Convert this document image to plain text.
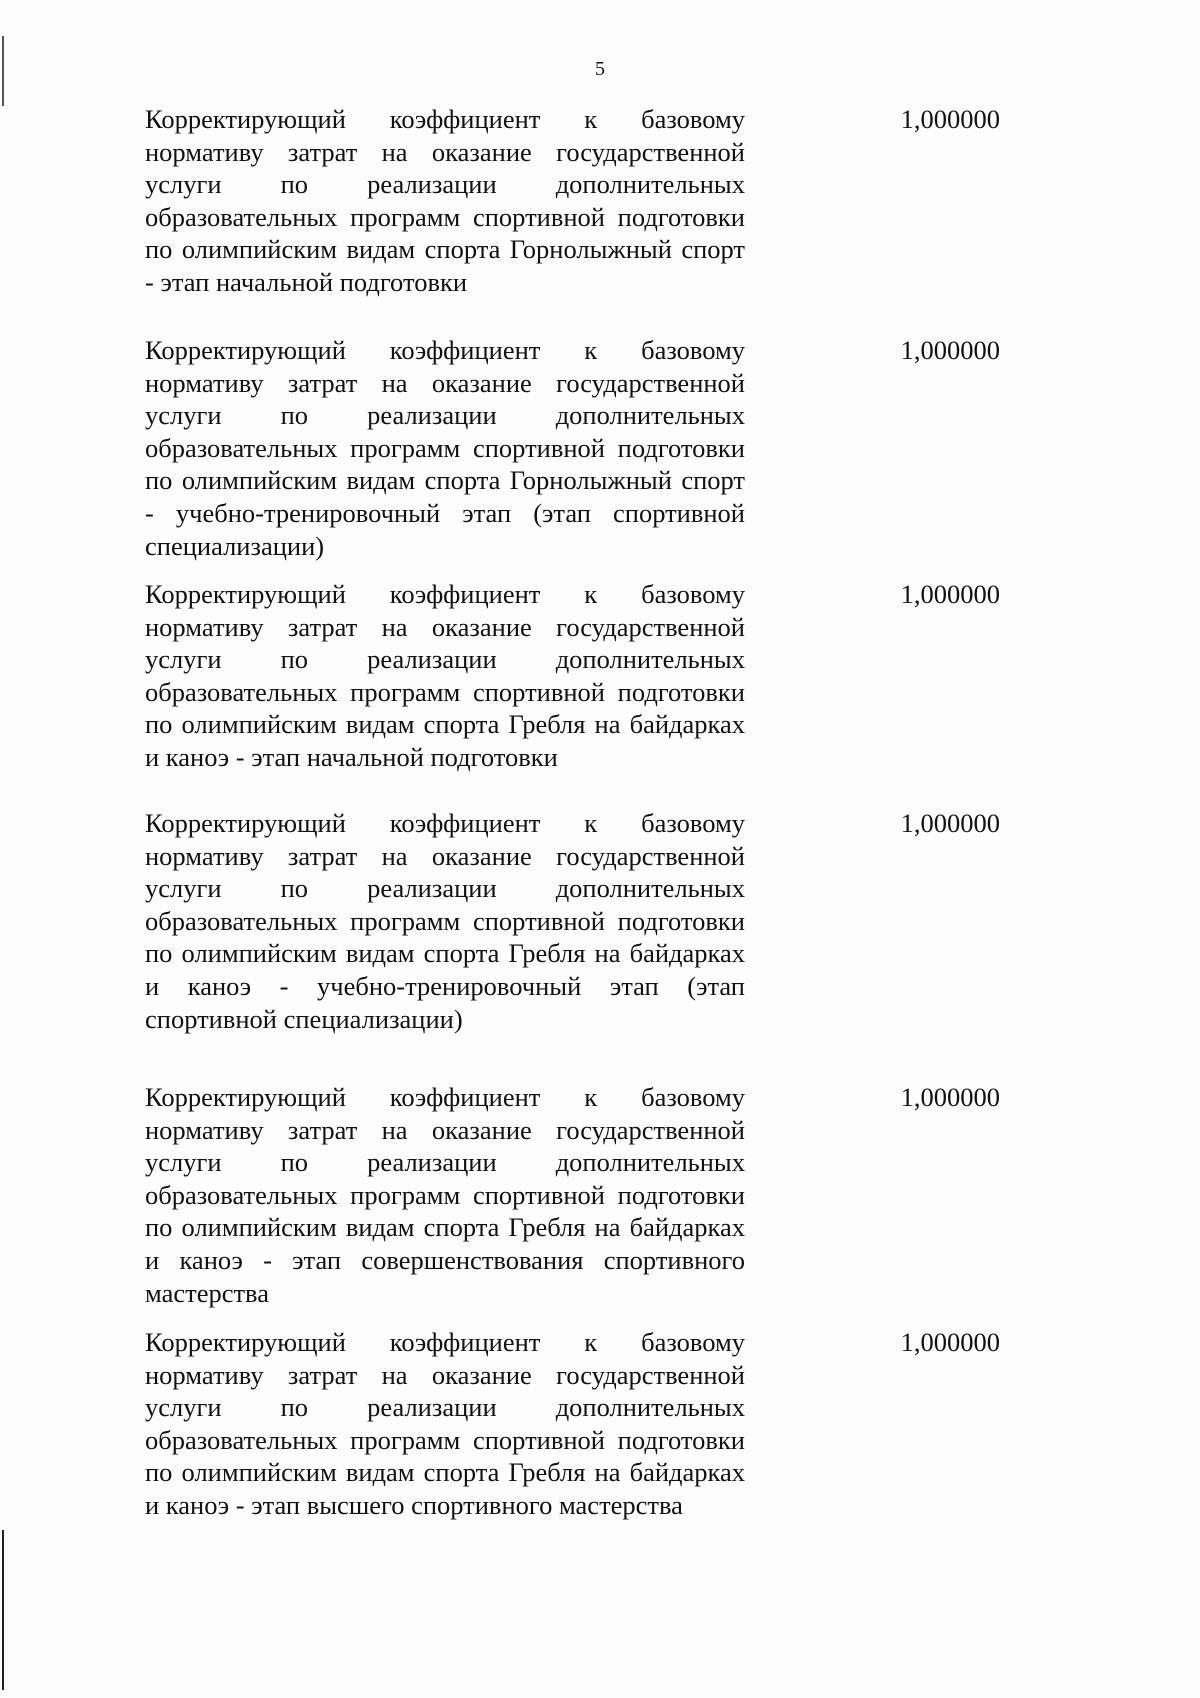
5
Корректирующий коэффициент к базовому нормативу затрат на оказание государственной услуги по реализации дополнительных образовательных программ спортивной подготовки по олимпийским видам спорта Горнолыжный спорт - этап начальной подготовки
1,000000
Корректирующий коэффициент к базовому нормативу затрат на оказание государственной услуги по реализации дополнительных образовательных программ спортивной подготовки по олимпийским видам спорта Горнолыжный спорт - учебно-тренировочный этап (этап спортивной специализации)
1,000000
Корректирующий коэффициент к базовому нормативу затрат на оказание государственной услуги по реализации дополнительных образовательных программ спортивной подготовки по олимпийским видам спорта Гребля на байдарках и каноэ - этап начальной подготовки
1,000000
Корректирующий коэффициент к базовому нормативу затрат на оказание государственной услуги по реализации дополнительных образовательных программ спортивной подготовки по олимпийским видам спорта Гребля на байдарках и каноэ - учебно-тренировочный этап (этап спортивной специализации)
1,000000
Корректирующий коэффициент к базовому нормативу затрат на оказание государственной услуги по реализации дополнительных образовательных программ спортивной подготовки по олимпийским видам спорта Гребля на байдарках и каноэ - этап совершенствования спортивного мастерства
1,000000
Корректирующий коэффициент к базовому нормативу затрат на оказание государственной услуги по реализации дополнительных образовательных программ спортивной подготовки по олимпийским видам спорта Гребля на байдарках и каноэ - этап высшего спортивного мастерства
1,000000
